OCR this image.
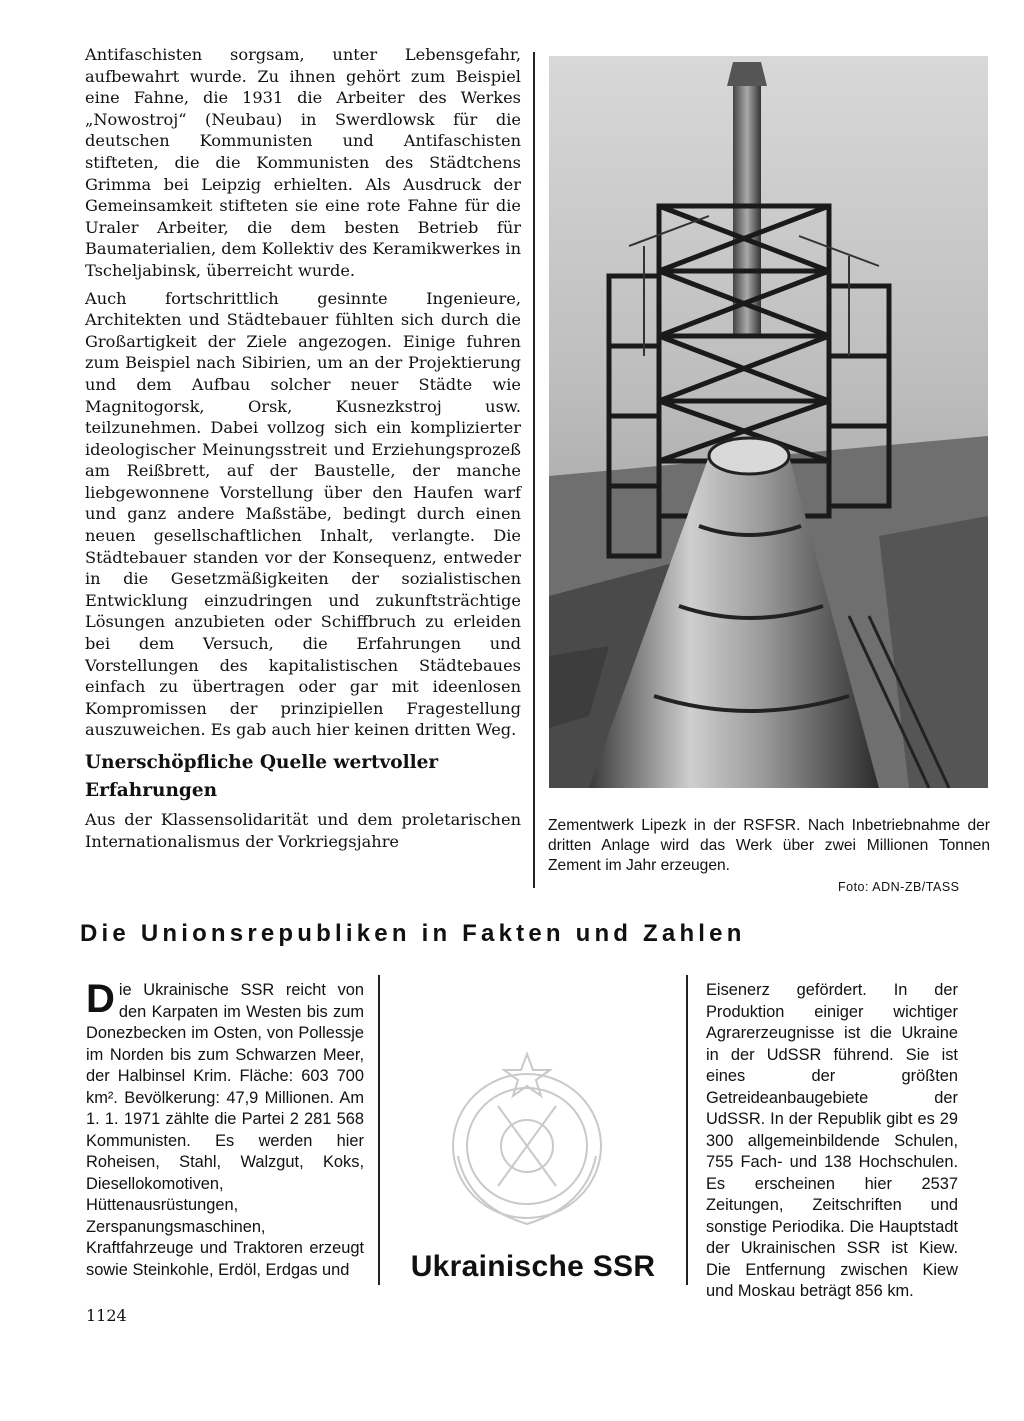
Antifaschisten sorgsam, unter Lebensgefahr, aufbewahrt wurde. Zu ihnen gehört zum Beispiel eine Fahne, die 1931 die Arbeiter des Werkes „Nowostroj“ (Neubau) in Swerdlowsk für die deutschen Kommunisten und Antifaschisten stifteten, die die Kommunisten des Städtchens Grimma bei Leipzig erhielten. Als Ausdruck der Gemeinsamkeit stifteten sie eine rote Fahne für die Uraler Arbeiter, die dem besten Betrieb für Baumaterialien, dem Kollektiv des Keramikwerkes in Tscheljabinsk, überreicht wurde.

Auch fortschrittlich gesinnte Ingenieure, Architekten und Städtebauer fühlten sich durch die Großartigkeit der Ziele angezogen. Einige fuhren zum Beispiel nach Sibirien, um an der Projektierung und dem Aufbau solcher neuer Städte wie Magnitogorsk, Orsk, Kusnezkstroj usw. teilzunehmen. Dabei vollzog sich ein komplizierter ideologischer Meinungsstreit und Erziehungsprozeß am Reißbrett, auf der Baustelle, der manche liebgewonnene Vorstellung über den Haufen warf und ganz andere Maßstäbe, bedingt durch einen neuen gesellschaftlichen Inhalt, verlangte. Die Städtebauer standen vor der Konsequenz, entweder in die Gesetzmäßigkeiten der sozialistischen Entwicklung einzudringen und zukunftsträchtige Lösungen anzubieten oder Schiffbruch zu erleiden bei dem Versuch, die Erfahrungen und Vorstellungen des kapitalistischen Städtebaues einfach zu übertragen oder gar mit ideenlosen Kompromissen der prinzipiellen Fragestellung auszuweichen. Es gab auch hier keinen dritten Weg.

Unerschöpfliche Quelle wertvoller Erfahrungen

Aus der Klassensolidarität und dem proletarischen Internationalismus der Vorkriegsjahre

Zementwerk Lipezk in der RSFSR. Nach Inbetriebnahme der dritten Anlage wird das Werk über zwei Millionen Tonnen Zement im Jahr erzeugen.
Foto: ADN-ZB/TASS
Die Unionsrepubliken in Fakten und Zahlen
D ie Ukrainische SSR reicht von den Karpaten im Westen bis zum Donezbecken im Osten, von Pollessje im Norden bis zum Schwarzen Meer, der Halbinsel Krim. Fläche: 603 700 km². Bevölkerung: 47,9 Millionen. Am 1. 1. 1971 zählte die Partei 2 281 568 Kommunisten. Es werden hier Roheisen, Stahl, Walzgut, Koks, Diesellokomotiven, Hüttenausrüstungen, Zerspanungsmaschinen, Kraftfahrzeuge und Traktoren erzeugt sowie Steinkohle, Erdöl, Erdgas und	Ukrainische SSR

Eisenerz gefördert. In der Produktion einiger wichtiger Agrarerzeugnisse ist die Ukraine in der UdSSR führend. Sie ist eines der größten Getreideanbaugebiete der UdSSR. In der Republik gibt es 29 300 allgemeinbildende Schulen, 755 Fach- und 138 Hochschulen. Es erscheinen hier 2537 Zeitungen, Zeitschriften und sonstige Periodika. Die Hauptstadt der Ukrainischen SSR ist Kiew. Die Entfernung zwischen Kiew und Moskau beträgt 856 km.

1124
